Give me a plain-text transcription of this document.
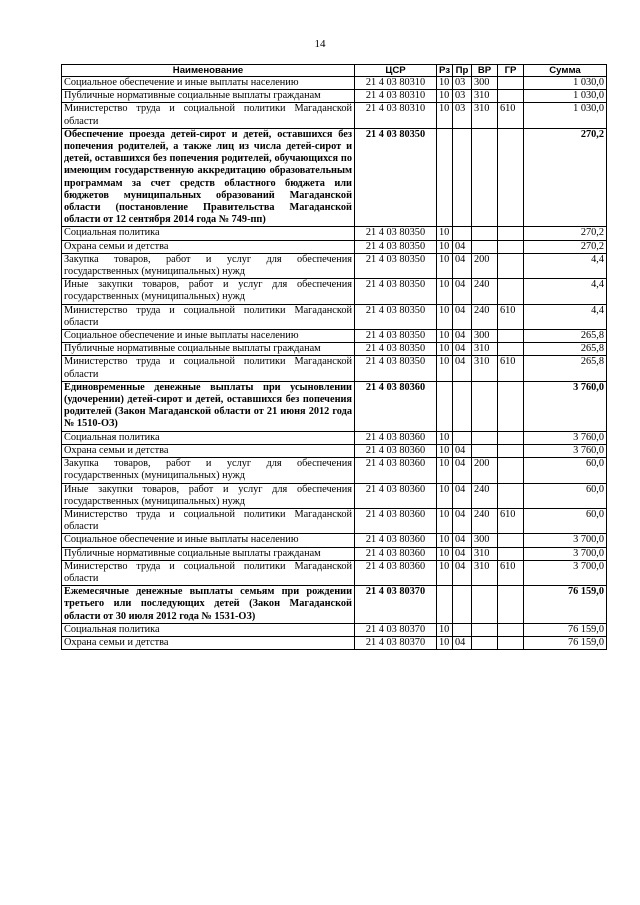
14
Наименование	ЦСР	Рз	Пр	ВР	ГР	Сумма
Социальное обеспечение и иные выплаты населению	21 4 03 80310	10	03	300		1 030,0
Публичные нормативные социальные выплаты гражданам	21 4 03 80310	10	03	310		1 030,0
Министерство труда и социальной политики Магаданской области	21 4 03 80310	10	03	310	610	1 030,0
Обеспечение проезда детей-сирот и детей, оставшихся без попечения родителей, а также лиц из числа детей-сирот и детей, оставшихся без попечения родителей, обучающихся по имеющим государственную аккредитацию образовательным программам за счет средств областного бюджета или бюджетов муниципальных образований Магаданской области (постановление Правительства Магаданской области от 12 сентября 2014 года № 749-пп)	21 4 03 80350					270,2
Социальная политика	21 4 03 80350	10				270,2
Охрана семьи и детства	21 4 03 80350	10	04			270,2
Закупка товаров, работ и услуг для обеспечения государственных (муниципальных) нужд	21 4 03 80350	10	04	200		4,4
Иные закупки товаров, работ и услуг для обеспечения государственных (муниципальных) нужд	21 4 03 80350	10	04	240		4,4
Министерство труда и социальной политики Магаданской области	21 4 03 80350	10	04	240	610	4,4
Социальное обеспечение и иные выплаты населению	21 4 03 80350	10	04	300		265,8
Публичные нормативные социальные выплаты гражданам	21 4 03 80350	10	04	310		265,8
Министерство труда и социальной политики Магаданской области	21 4 03 80350	10	04	310	610	265,8
Единовременные денежные выплаты при усыновлении (удочерении) детей-сирот и детей, оставшихся без попечения родителей (Закон Магаданской области от 21 июня 2012 года № 1510-ОЗ)	21 4 03 80360					3 760,0
Социальная политика	21 4 03 80360	10				3 760,0
Охрана семьи и детства	21 4 03 80360	10	04			3 760,0
Закупка товаров, работ и услуг для обеспечения государственных (муниципальных) нужд	21 4 03 80360	10	04	200		60,0
Иные закупки товаров, работ и услуг для обеспечения государственных (муниципальных) нужд	21 4 03 80360	10	04	240		60,0
Министерство труда и социальной политики Магаданской области	21 4 03 80360	10	04	240	610	60,0
Социальное обеспечение и иные выплаты населению	21 4 03 80360	10	04	300		3 700,0
Публичные нормативные социальные выплаты гражданам	21 4 03 80360	10	04	310		3 700,0
Министерство труда и социальной политики Магаданской области	21 4 03 80360	10	04	310	610	3 700,0
Ежемесячные денежные выплаты семьям при рождении третьего или последующих детей (Закон Магаданской области от 30 июля 2012 года № 1531-ОЗ)	21 4 03 80370					76 159,0
Социальная политика	21 4 03 80370	10				76 159,0
Охрана семьи и детства	21 4 03 80370	10	04			76 159,0
